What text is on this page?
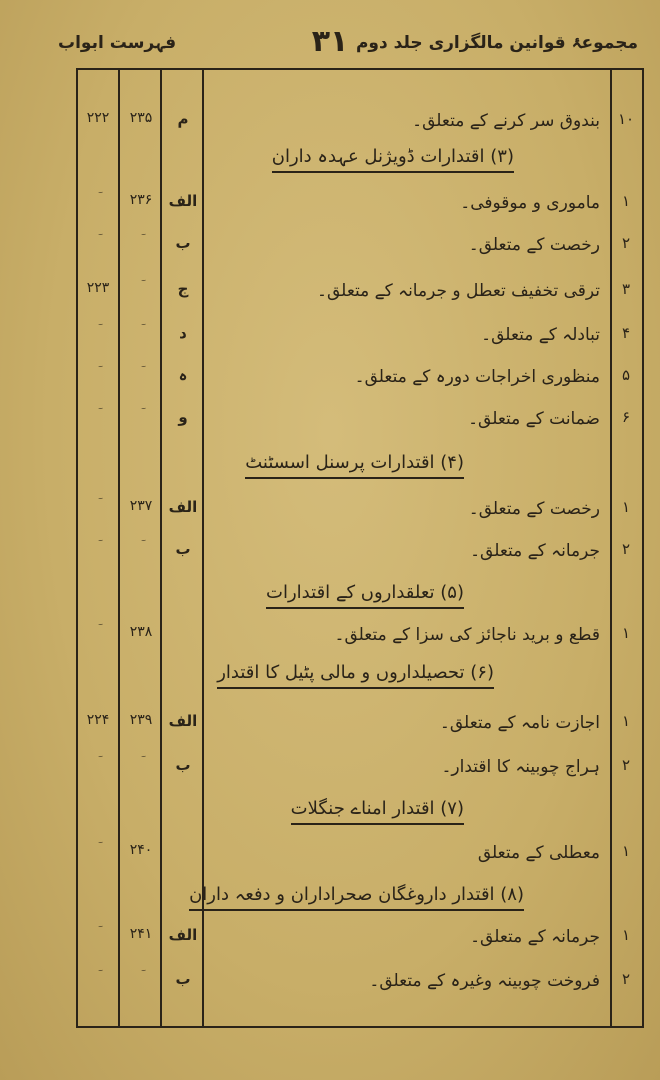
مجموعۂ قوانین مالگزاری جلد دوم
۳۱
فہرست ابواب
۱۰
بندوق سر کرنے کے متعلق۔
م
۲۳۵
۲۲۲
(۳) اقتدارات ڈویژنل عہدہ داران
۱
ماموری و موقوفی۔
الف
۲۳۶
۲
رخصت کے متعلق۔
ب
۳
ترقی تخفیف تعطل و جرمانہ کے متعلق۔
ج
۲۲۳
۴
تبادلہ کے متعلق۔
د
۵
منظوری اخراجات دورہ کے متعلق۔
ہ
۶
ضمانت کے متعلق۔
و
(۴) اقتدارات پرسنل اسسٹنٹ
۱
رخصت کے متعلق۔
الف
۲۳۷
۲
جرمانہ کے متعلق۔
ب
(۵) تعلقداروں کے اقتدارات
۱
قطع و برید ناجائز کی سزا کے متعلق۔
۲۳۸
(۶) تحصیلداروں و مالی پٹیل کا اقتدار
۱
اجازت نامہ کے متعلق۔
الف
۲۳۹
۲۲۴
۲
ہراج چوبینہ کا اقتدار۔
ب
(۷) اقتدار امناے جنگلات
۱
معطلی کے متعلق
۲۴۰
(۸) اقتدار داروغگان صحراداران و دفعہ داران
۱
جرمانہ کے متعلق۔
الف
۲۴۱
۲
فروخت چوبینہ وغیرہ کے متعلق۔
ب
